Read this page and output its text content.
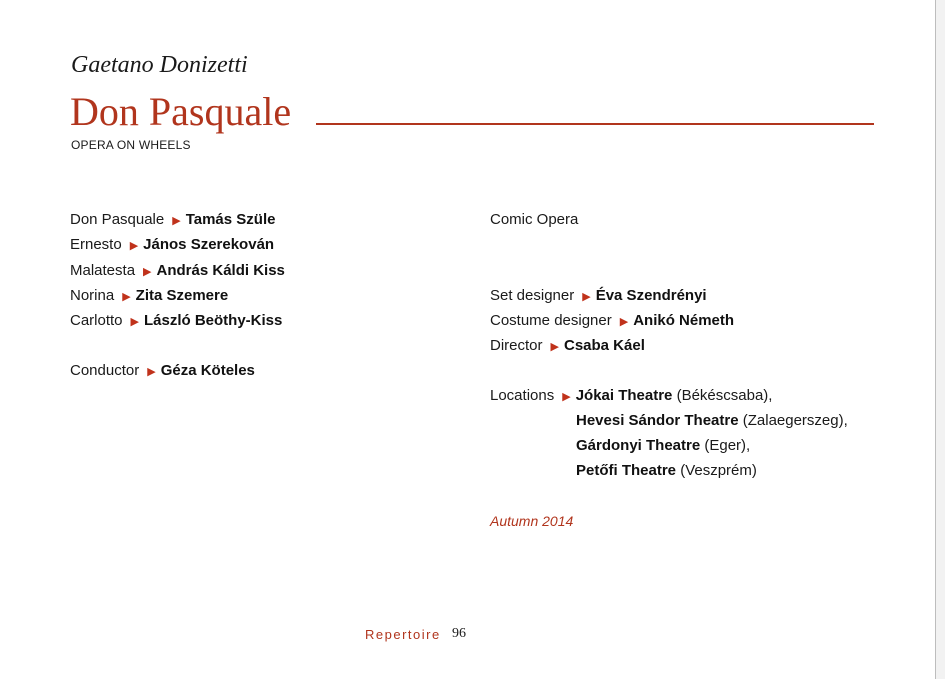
Gaetano Donizetti
Don Pasquale
OPERA ON WHEELS
Don Pasquale ▶ Tamás Szüle
Ernesto ▶ János Szerekován
Malatesta ▶ András Káldi Kiss
Norina ▶ Zita Szemere
Carlotto ▶ László Beöthy-Kiss
Conductor ▶ Géza Köteles
Comic Opera
Set designer ▶ Éva Szendrényi
Costume designer ▶ Anikó Németh
Director ▶ Csaba Káel
Locations ▶ Jókai Theatre (Békéscsaba),
Hevesi Sándor Theatre (Zalaegerszeg),
Gárdonyi Theatre (Eger),
Petőfi Theatre (Veszprém)
Autumn 2014
Repertoire 96
